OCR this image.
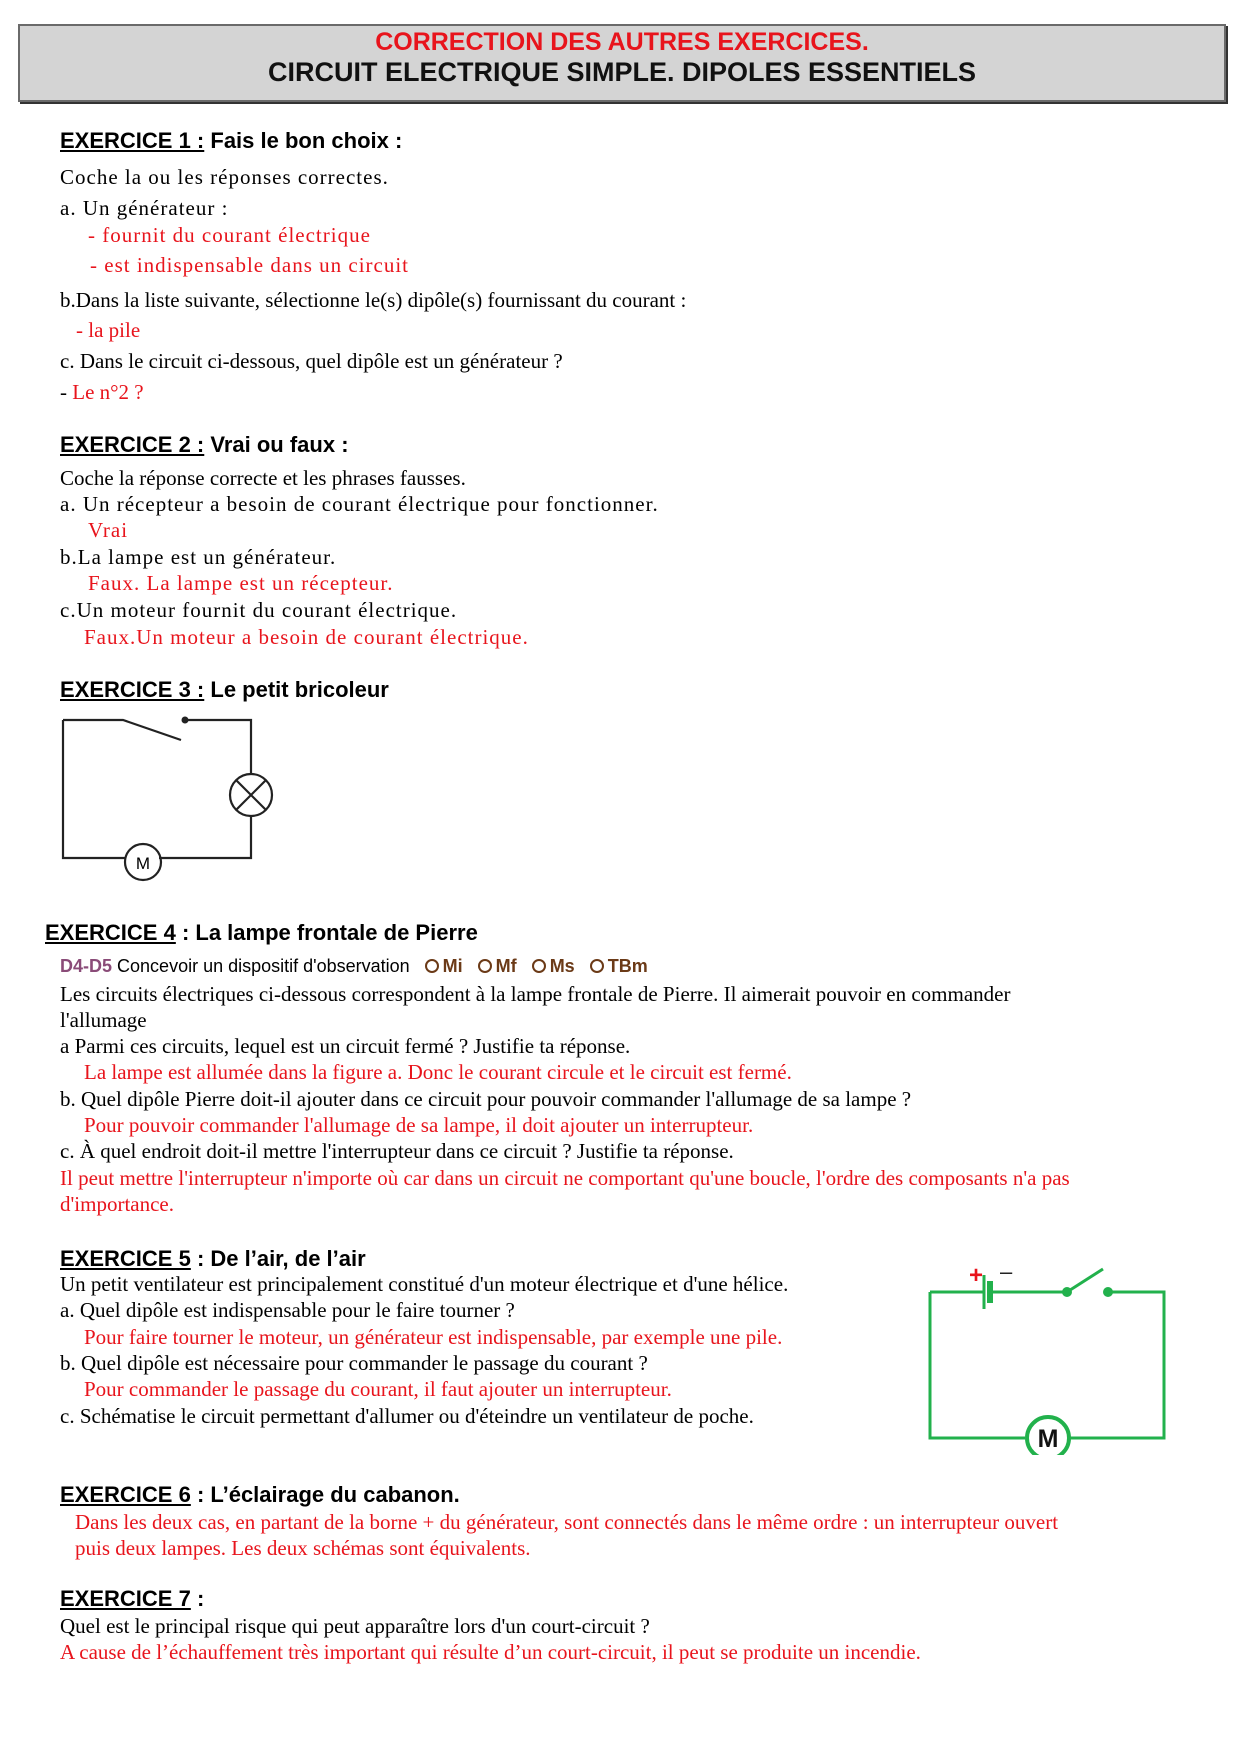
CORRECTION DES AUTRES EXERCICES.
CIRCUIT ELECTRIQUE SIMPLE. DIPOLES ESSENTIELS
EXERCICE 1 : Fais le bon choix :
Coche la ou les réponses correctes.
a. Un générateur :
- fournit du courant électrique
- est indispensable dans un circuit
b.Dans la liste suivante, sélectionne le(s) dipôle(s) fournissant du courant :
- la pile
c. Dans le circuit ci-dessous, quel dipôle est un générateur ?
- Le n°2 ?
EXERCICE 2 : Vrai ou faux :
Coche la réponse correcte et les phrases fausses.
a. Un récepteur a besoin de courant électrique pour fonctionner.
Vrai
b.La lampe est un générateur.
Faux. La lampe est un récepteur.
c.Un moteur fournit du courant électrique.
Faux.Un moteur a besoin de courant électrique.
EXERCICE 3 : Le petit bricoleur
M
EXERCICE 4 : La lampe frontale de Pierre
D4-D5 Concevoir un dispositif d'observation Mi Mf Ms TBm
Les circuits électriques ci-dessous correspondent à la lampe frontale de Pierre. Il aimerait pouvoir en commander
l'allumage
a Parmi ces circuits, lequel est un circuit fermé ? Justifie ta réponse.
La lampe est allumée dans la figure a. Donc le courant circule et le circuit est fermé.
b. Quel dipôle Pierre doit-il ajouter dans ce circuit pour pouvoir commander l'allumage de sa lampe ?
Pour pouvoir commander l'allumage de sa lampe, il doit ajouter un interrupteur.
c. À quel endroit doit-il mettre l'interrupteur dans ce circuit ? Justifie ta réponse.
Il peut mettre l'interrupteur n'importe où car dans un circuit ne comportant qu'une boucle, l'ordre des composants n'a pas
d'importance.
EXERCICE 5 : De l’air, de l’air
Un petit ventilateur est principalement constitué d'un moteur électrique et d'une hélice.
a. Quel dipôle est indispensable pour le faire tourner ?
Pour faire tourner le moteur, un générateur est indispensable, par exemple une pile.
b. Quel dipôle est nécessaire pour commander le passage du courant ?
Pour commander le passage du courant, il faut ajouter un interrupteur.
c. Schématise le circuit permettant d'allumer ou d'éteindre un ventilateur de poche.
+ –
M
EXERCICE 6 : L’éclairage du cabanon.
Dans les deux cas, en partant de la borne + du générateur, sont connectés dans le même ordre : un interrupteur ouvert
puis deux lampes. Les deux schémas sont équivalents.
EXERCICE 7 :
Quel est le principal risque qui peut apparaître lors d'un court-circuit ?
A cause de l’échauffement très important qui résulte d’un court-circuit, il peut se produite un incendie.
